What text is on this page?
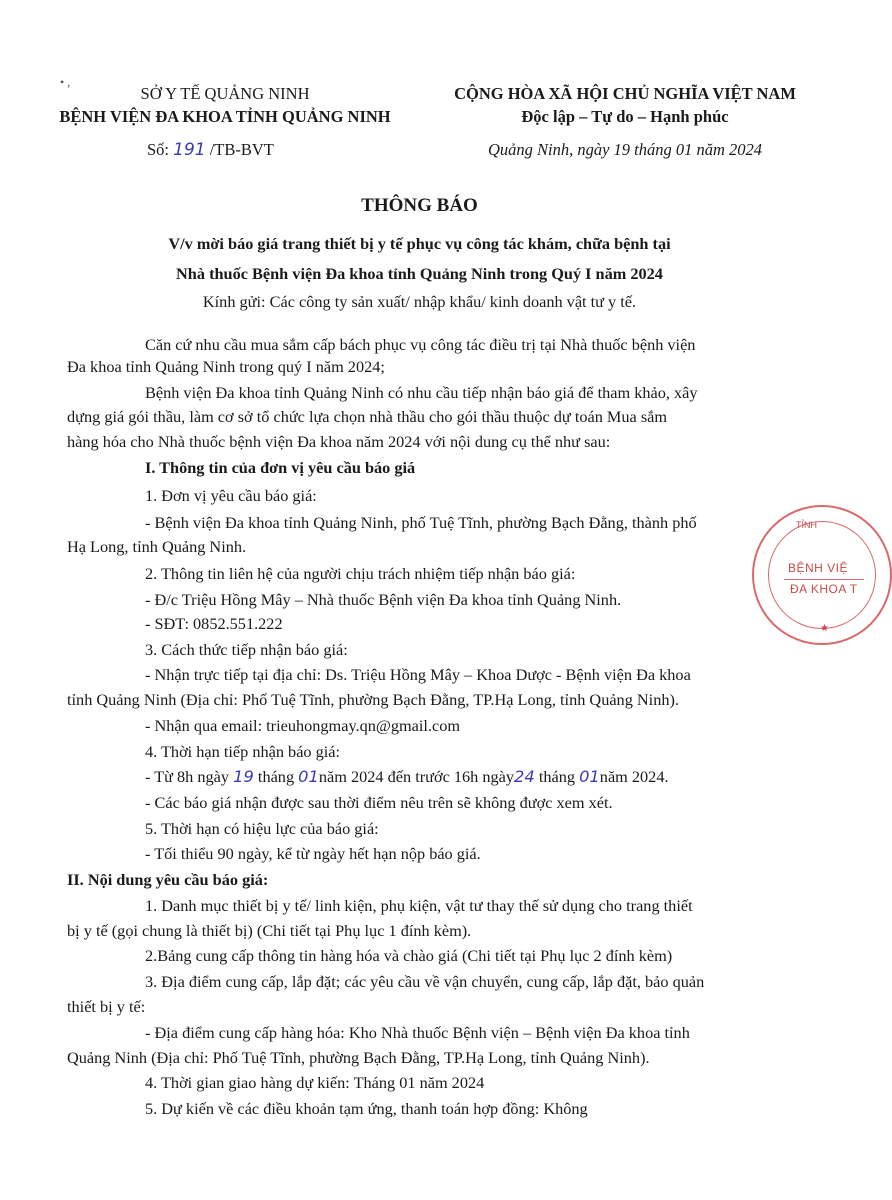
• ,
SỞ Y TẾ QUẢNG NINH
BỆNH VIỆN ĐA KHOA TỈNH QUẢNG NINH
Số: 191 /TB-BVT
CỘNG HÒA XÃ HỘI CHỦ NGHĨA VIỆT NAM
Độc lập – Tự do – Hạnh phúc
Quảng Ninh, ngày 19 tháng 01 năm 2024
THÔNG BÁO
V/v mời báo giá trang thiết bị y tế phục vụ công tác khám, chữa bệnh tại
Nhà thuốc Bệnh viện Đa khoa tỉnh Quảng Ninh trong Quý I năm 2024
Kính gửi: Các công ty sản xuất/ nhập khẩu/ kinh doanh vật tư y tế.
Căn cứ nhu cầu mua sắm cấp bách phục vụ công tác điều trị tại Nhà thuốc bệnh viện
Đa khoa tỉnh Quảng Ninh trong quý I năm 2024;
Bệnh viện Đa khoa tỉnh Quảng Ninh có nhu cầu tiếp nhận báo giá để tham khảo, xây
dựng giá gói thầu, làm cơ sở tổ chức lựa chọn nhà thầu cho gói thầu thuộc dự toán Mua sắm
hàng hóa cho Nhà thuốc bệnh viện Đa khoa năm 2024 với nội dung cụ thể như sau:
I. Thông tin của đơn vị yêu cầu báo giá
1. Đơn vị yêu cầu báo giá:
- Bệnh viện Đa khoa tỉnh Quảng Ninh, phố Tuệ Tĩnh, phường Bạch Đằng, thành phố
Hạ Long, tỉnh Quảng Ninh.
2. Thông tin liên hệ của người chịu trách nhiệm tiếp nhận báo giá:
- Đ/c Triệu Hồng Mây – Nhà thuốc Bệnh viện Đa khoa tỉnh Quảng Ninh.
- SĐT: 0852.551.222
3. Cách thức tiếp nhận báo giá:
- Nhận trực tiếp tại địa chỉ: Ds. Triệu Hồng Mây – Khoa Dược - Bệnh viện Đa khoa
tỉnh Quảng Ninh (Địa chỉ: Phố Tuệ Tĩnh, phường Bạch Đằng, TP.Hạ Long, tỉnh Quảng Ninh).
- Nhận qua email: trieuhongmay.qn@gmail.com
4. Thời hạn tiếp nhận báo giá:
- Từ 8h ngày 19 tháng 01năm 2024 đến trước 16h ngày24 tháng 01năm 2024.
- Các báo giá nhận được sau thời điểm nêu trên sẽ không được xem xét.
5. Thời hạn có hiệu lực của báo giá:
- Tối thiểu 90 ngày, kể từ ngày hết hạn nộp báo giá.
II. Nội dung yêu cầu báo giá:
1. Danh mục thiết bị y tế/ linh kiện, phụ kiện, vật tư thay thế sử dụng cho trang thiết
bị y tế (gọi chung là thiết bị) (Chi tiết tại Phụ lục 1 đính kèm).
2.Bảng cung cấp thông tin hàng hóa và chào giá (Chi tiết tại Phụ lục 2 đính kèm)
3. Địa điểm cung cấp, lắp đặt; các yêu cầu về vận chuyển, cung cấp, lắp đặt, bảo quản
thiết bị y tế:
- Địa điểm cung cấp hàng hóa: Kho Nhà thuốc Bệnh viện – Bệnh viện Đa khoa tỉnh
Quảng Ninh (Địa chỉ: Phố Tuệ Tĩnh, phường Bạch Đằng, TP.Hạ Long, tỉnh Quảng Ninh).
4. Thời gian giao hàng dự kiến: Tháng 01 năm 2024
5. Dự kiến về các điều khoản tạm ứng, thanh toán hợp đồng: Không
TỈNH
BỆNH VIỆ
ĐA KHOA T
★
